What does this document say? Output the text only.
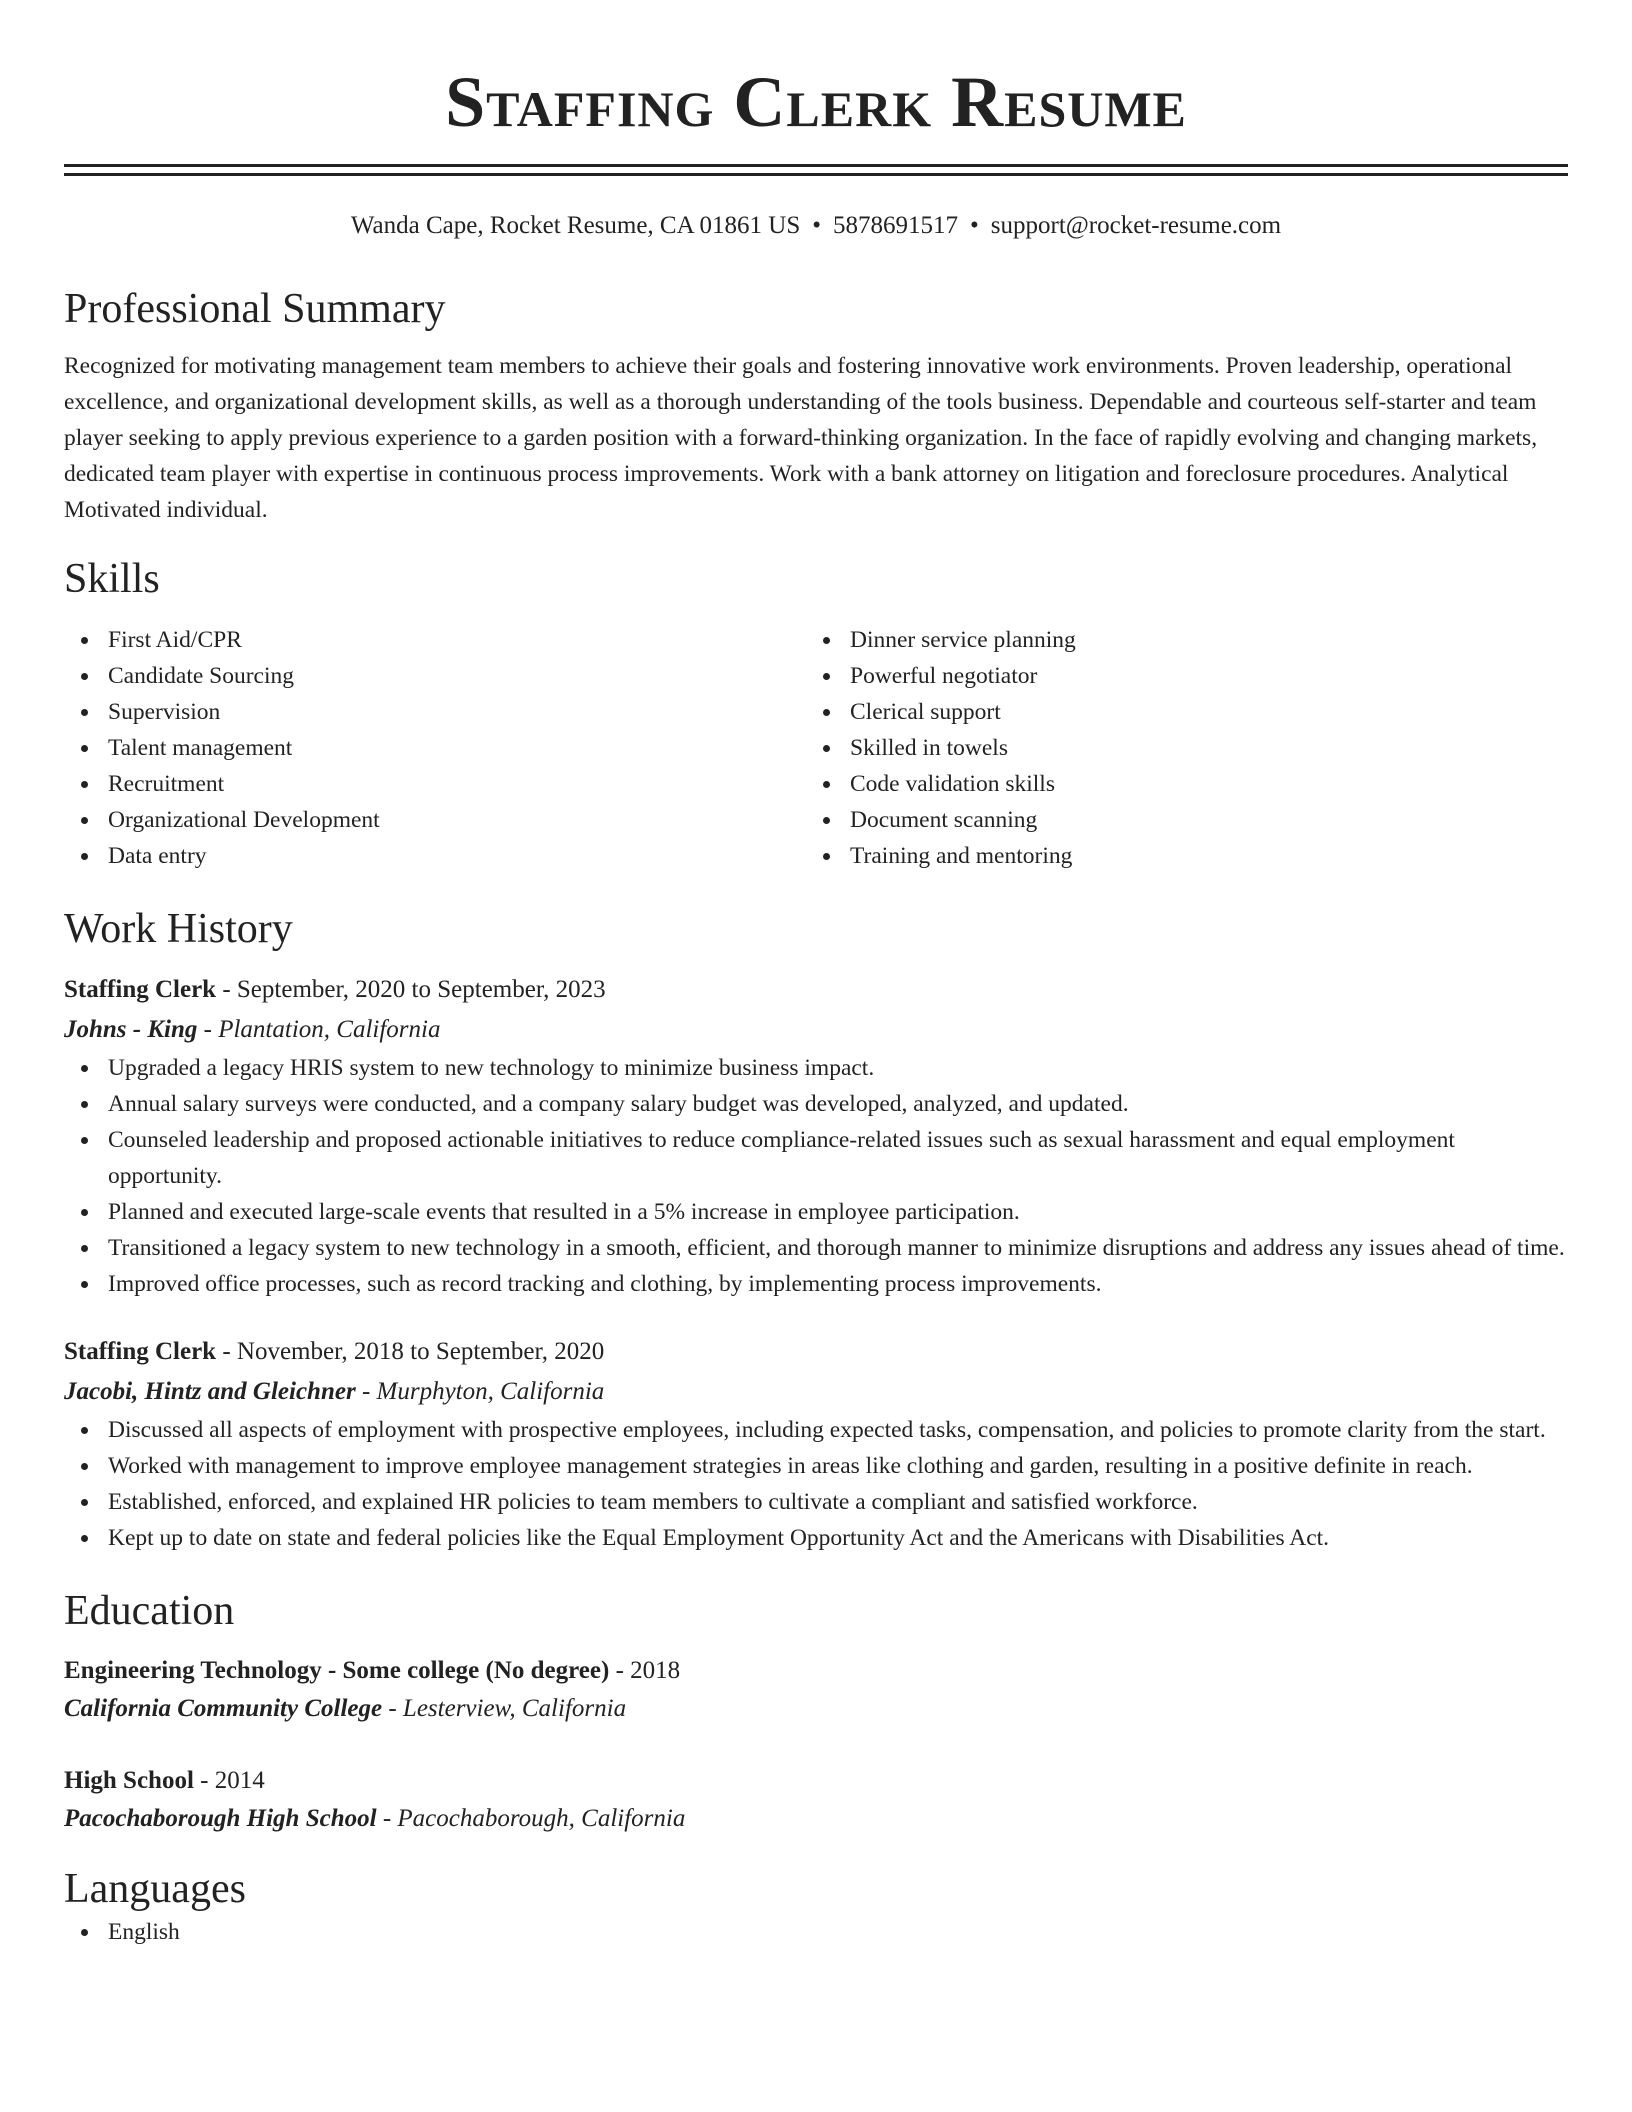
Staffing Clerk Resume
Wanda Cape, Rocket Resume, CA 01861 US • 5878691517 • support@rocket-resume.com
Professional Summary
Recognized for motivating management team members to achieve their goals and fostering innovative work environments. Proven leadership, operational excellence, and organizational development skills, as well as a thorough understanding of the tools business. Dependable and courteous self-starter and team player seeking to apply previous experience to a garden position with a forward-thinking organization. In the face of rapidly evolving and changing markets, dedicated team player with expertise in continuous process improvements. Work with a bank attorney on litigation and foreclosure procedures. Analytical Motivated individual.
Skills
First Aid/CPR
Candidate Sourcing
Supervision
Talent management
Recruitment
Organizational Development
Data entry
Dinner service planning
Powerful negotiator
Clerical support
Skilled in towels
Code validation skills
Document scanning
Training and mentoring
Work History
Staffing Clerk - September, 2020 to September, 2023
Johns - King - Plantation, California
Upgraded a legacy HRIS system to new technology to minimize business impact.
Annual salary surveys were conducted, and a company salary budget was developed, analyzed, and updated.
Counseled leadership and proposed actionable initiatives to reduce compliance-related issues such as sexual harassment and equal employment opportunity.
Planned and executed large-scale events that resulted in a 5% increase in employee participation.
Transitioned a legacy system to new technology in a smooth, efficient, and thorough manner to minimize disruptions and address any issues ahead of time.
Improved office processes, such as record tracking and clothing, by implementing process improvements.
Staffing Clerk - November, 2018 to September, 2020
Jacobi, Hintz and Gleichner - Murphyton, California
Discussed all aspects of employment with prospective employees, including expected tasks, compensation, and policies to promote clarity from the start.
Worked with management to improve employee management strategies in areas like clothing and garden, resulting in a positive definite in reach.
Established, enforced, and explained HR policies to team members to cultivate a compliant and satisfied workforce.
Kept up to date on state and federal policies like the Equal Employment Opportunity Act and the Americans with Disabilities Act.
Education
Engineering Technology - Some college (No degree) - 2018
California Community College - Lesterview, California
High School - 2014
Pacochaborough High School - Pacochaborough, California
Languages
English
